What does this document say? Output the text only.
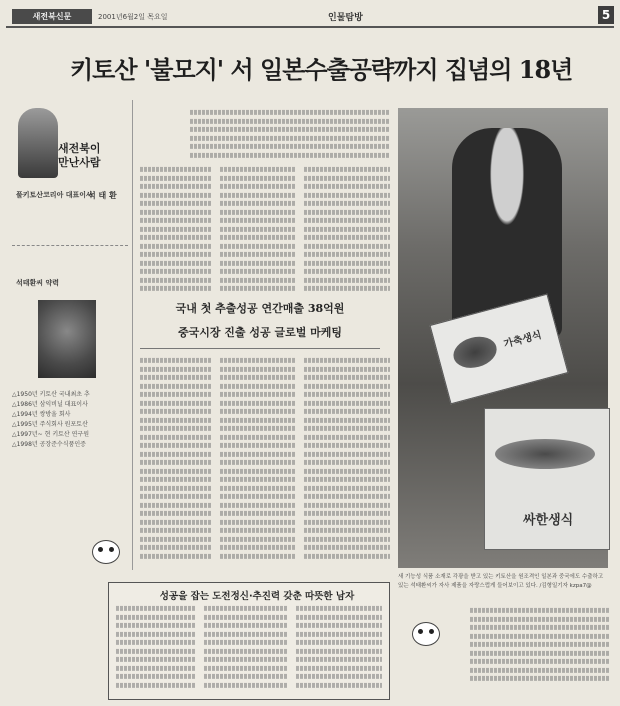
새전북신문	2001년6월2일 목요일	인물탐방	5
키토산 '불모지' 서 일본수출공략까지 집념의 18년
새전북이
만난사람
풀키토산코리아 대표이사
석 태 환
석태환씨 약력

△1950년 키토산 국내최초 추

△1986년 삼익비닐 대표이사

△1994년 쌍방울 회사

△1995년 주식회사 원포토산

△1997년~ 현 키토산 연구원

△1998년 공장준수식품인증

국내 첫 추출성공 연간매출 38억원
중국시장 진출 성공 글로벌 마케팅	가축생식
싸한생식
새 기능성 식품 소재로 각광을 받고 있는 키토산을 원조격인 일본과 중국에도 수출하고 있는 석태환씨가 자사 제품을 자랑스럽게 들어보이고 있다. /김형일기자 kzpa7@
성공을 잡는 도전정신·추진력 갖춘 따뜻한 남자
